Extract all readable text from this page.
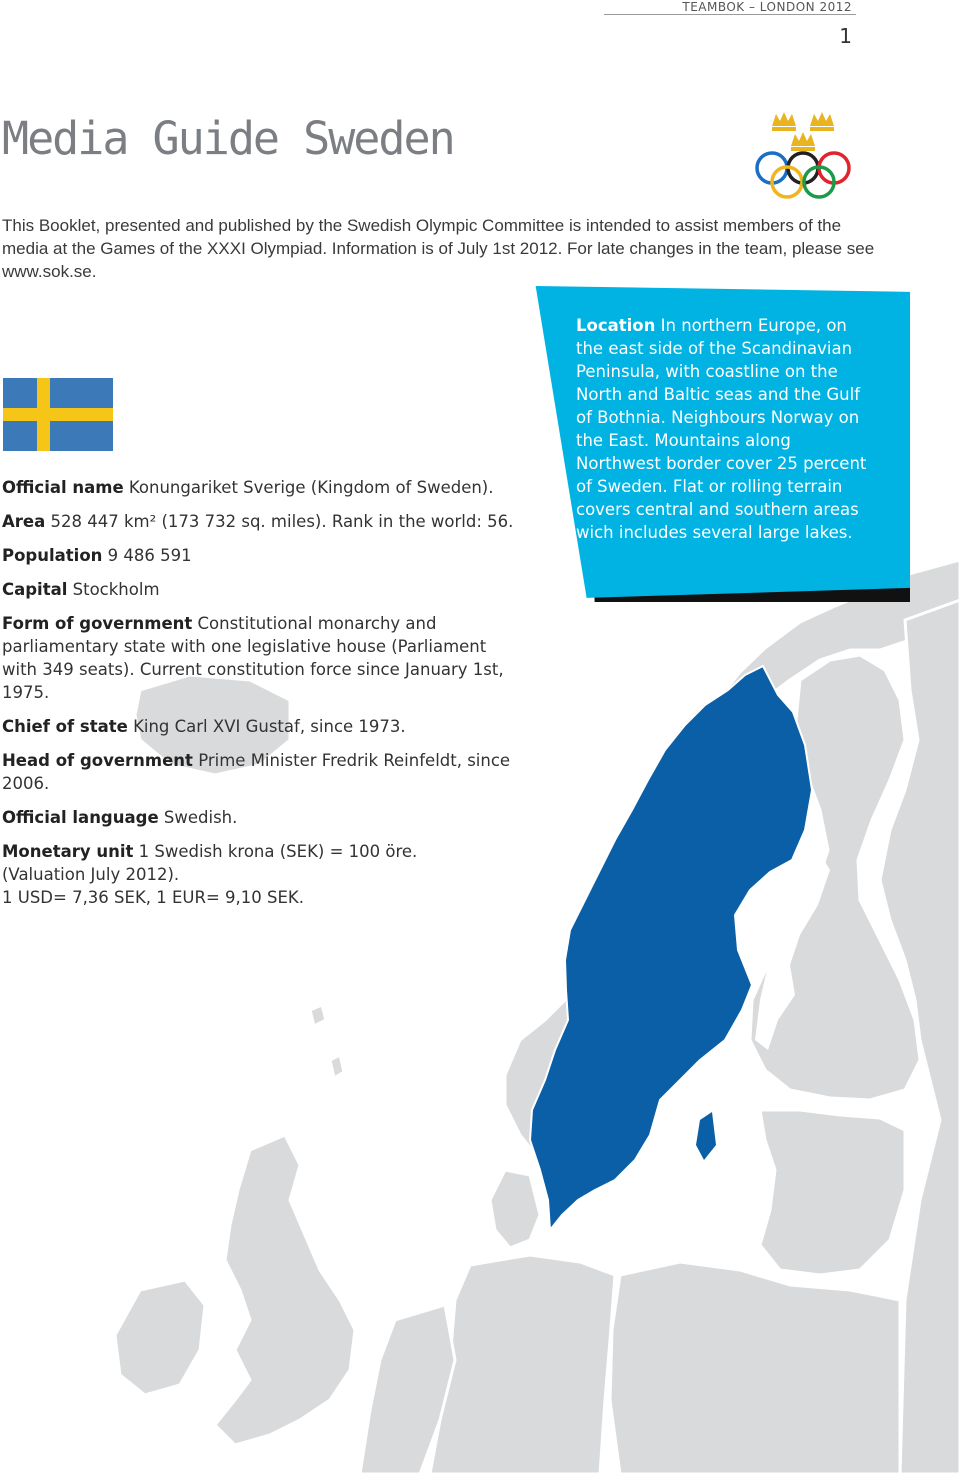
TEAMBOK – LONDON 2012
1
Media Guide Sweden

This Booklet, presented and published by the Swedish Olympic Committee is intended to assist members of the media at the Games of the XXXI Olympiad. Information is of July 1st 2012. For late changes in the team, please see www.sok.se.

Official name Konungariket Sverige (Kingdom of Sweden).

Area 528 447 km² (173 732 sq. miles). Rank in the world: 56.

Population 9 486 591

Capital Stockholm

Form of government Constitutional monarchy and parliamentary state with one legislative house (Parliament with 349 seats). Current constitution force since January 1st, 1975.

Chief of state King Carl XVI Gustaf, since 1973.

Head of government Prime Minister Fredrik Reinfeldt, since 2006.

Official language Swedish.

Monetary unit 1 Swedish krona (SEK) = 100 öre.
(Valuation July 2012).
1 USD= 7,36 SEK, 1 EUR= 9,10 SEK.

Location In northern Europe, on the east side of the Scandinavian Peninsula, with coastline on the North and Baltic seas and the Gulf of Bothnia. Neighbours Norway on the East. Mountains along Northwest border cover 25 percent of Sweden. Flat or rolling terrain covers central and southern areas wich includes several large lakes.
